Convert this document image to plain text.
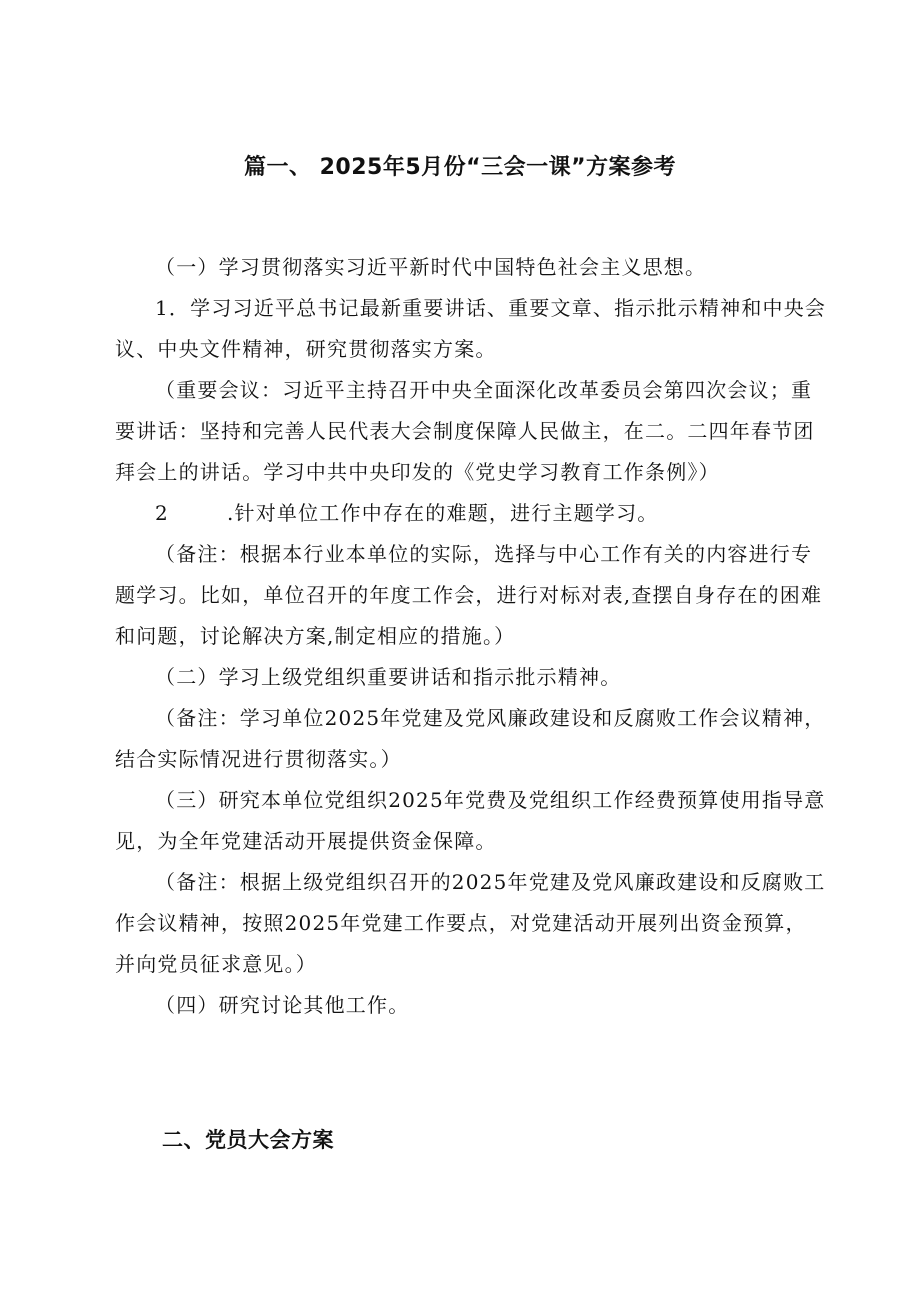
篇一、 2025年5月份“三会一课”方案参考

（一）学习贯彻落实习近平新时代中国特色社会主义思想。

1．学习习近平总书记最新重要讲话、重要文章、指示批示精神和中央会议、中央文件精神，研究贯彻落实方案。

（重要会议：习近平主持召开中央全面深化改革委员会第四次会议；重要讲话：坚持和完善人民代表大会制度保障人民做主，在二。二四年春节团拜会上的讲话。学习中共中央印发的《党史学习教育工作条例》）

2	.针对单位工作中存在的难题，进行主题学习。

（备注：根据本行业本单位的实际，选择与中心工作有关的内容进行专题学习。比如，单位召开的年度工作会，进行对标对表,查摆自身存在的困难和问题，讨论解决方案,制定相应的措施。）

（二）学习上级党组织重要讲话和指示批示精神。

（备注：学习单位2025年党建及党风廉政建设和反腐败工作会议精神，结合实际情况进行贯彻落实。）

（三）研究本单位党组织2025年党费及党组织工作经费预算使用指导意见，为全年党建活动开展提供资金保障。

（备注：根据上级党组织召开的2025年党建及党风廉政建设和反腐败工作会议精神，按照2025年党建工作要点，对党建活动开展列出资金预算，并向党员征求意见。）

（四）研究讨论其他工作。

二、党员大会方案
